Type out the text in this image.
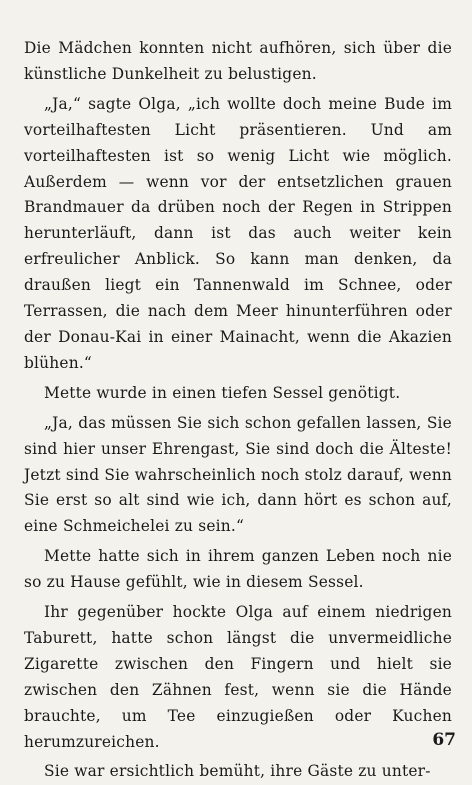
Die Mädchen konnten nicht aufhören, sich über die künstliche Dunkelheit zu belustigen.

„Ja,“ sagte Olga, „ich wollte doch meine Bude im vorteilhaftesten Licht präsentieren. Und am vorteilhaftesten ist so wenig Licht wie möglich. Außerdem — wenn vor der entsetzlichen grauen Brandmauer da drüben noch der Regen in Strippen herunterläuft, dann ist das auch weiter kein erfreulicher Anblick. So kann man denken, da draußen liegt ein Tannenwald im Schnee, oder Terrassen, die nach dem Meer hinunterführen oder der Donau-Kai in einer Mainacht, wenn die Akazien blühen.“

Mette wurde in einen tiefen Sessel genötigt.

„Ja, das müssen Sie sich schon gefallen lassen, Sie sind hier unser Ehrengast, Sie sind doch die Älteste! Jetzt sind Sie wahrscheinlich noch stolz darauf, wenn Sie erst so alt sind wie ich, dann hört es schon auf, eine Schmeichelei zu sein.“

Mette hatte sich in ihrem ganzen Leben noch nie so zu Hause gefühlt, wie in diesem Sessel.

Ihr gegenüber hockte Olga auf einem niedrigen Taburett, hatte schon längst die unvermeidliche Zigarette zwischen den Fingern und hielt sie zwischen den Zähnen fest, wenn sie die Hände brauchte, um Tee einzugießen oder Kuchen herumzureichen.

Sie war ersichtlich bemüht, ihre Gäste zu unter-

67
